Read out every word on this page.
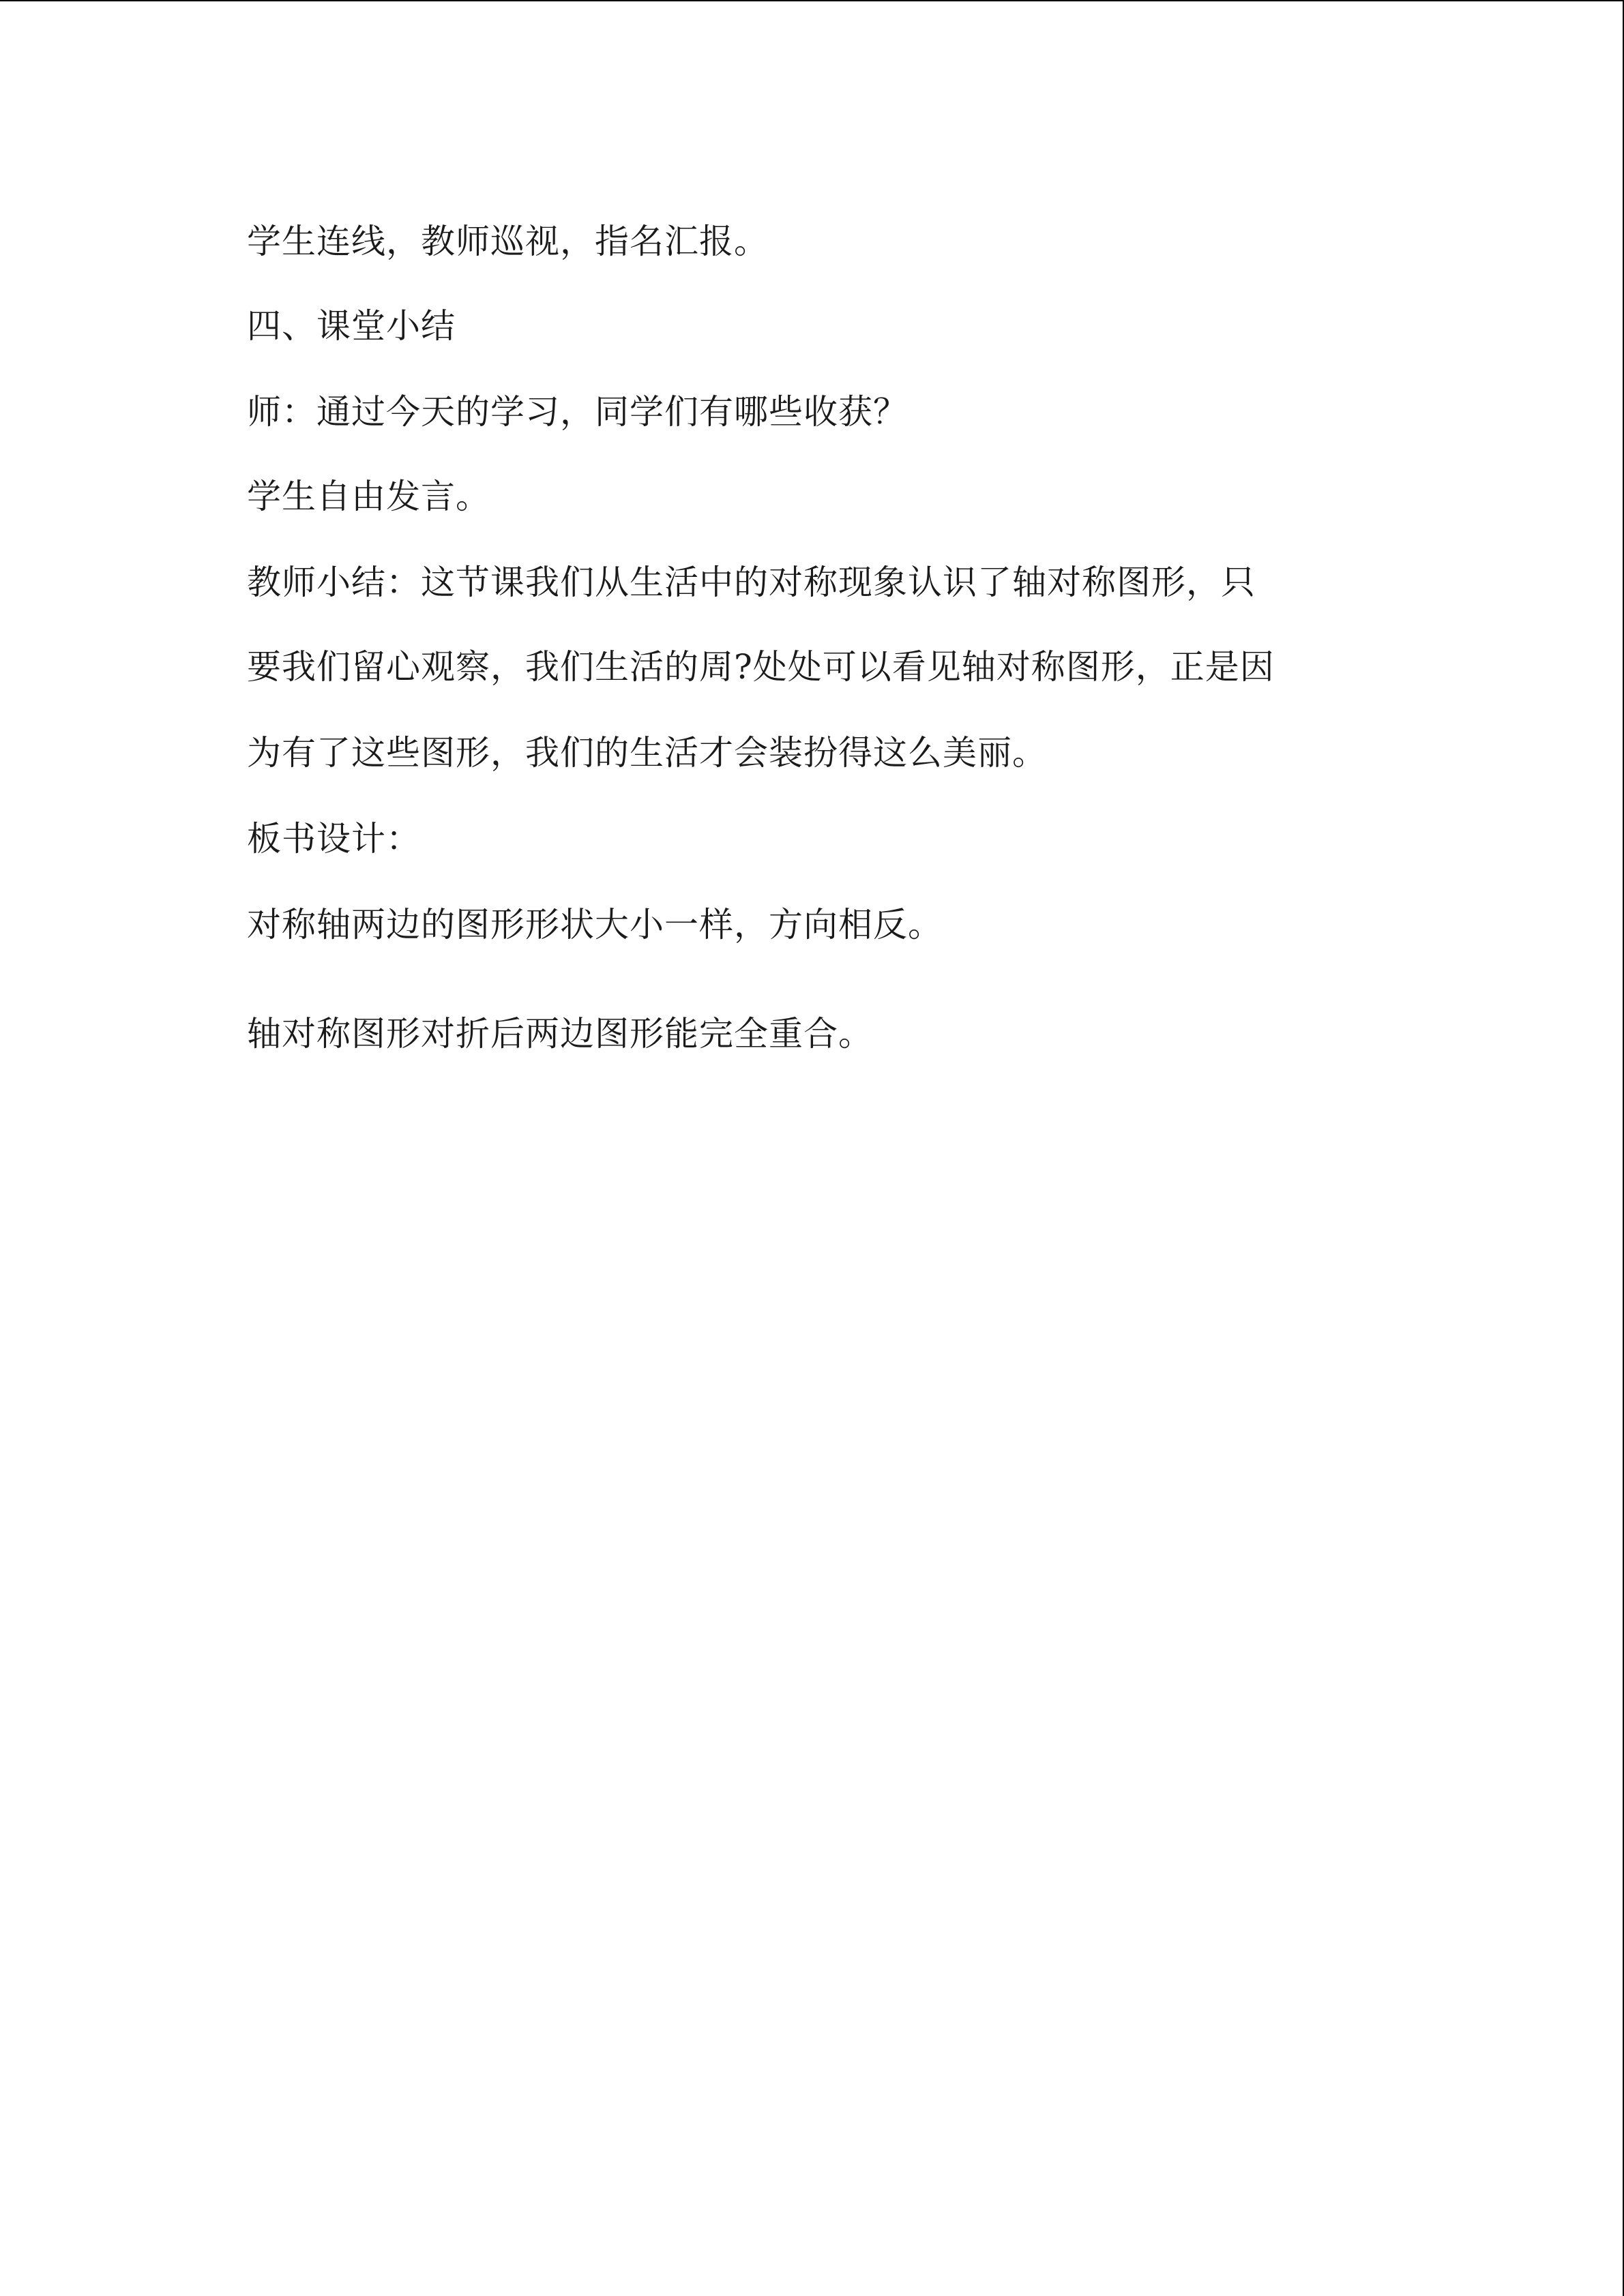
学生连线，教师巡视，指名汇报。
四、课堂小结
师：通过今天的学习，同学们有哪些收获？
学生自由发言。
教师小结：这节课我们从生活中的对称现象认识了轴对称图形，只
要我们留心观察，我们生活的周?处处可以看见轴对称图形，正是因
为有了这些图形，我们的生活才会装扮得这么美丽。
板书设计：
对称轴两边的图形形状大小一样，方向相反。
轴对称图形对折后两边图形能完全重合。
